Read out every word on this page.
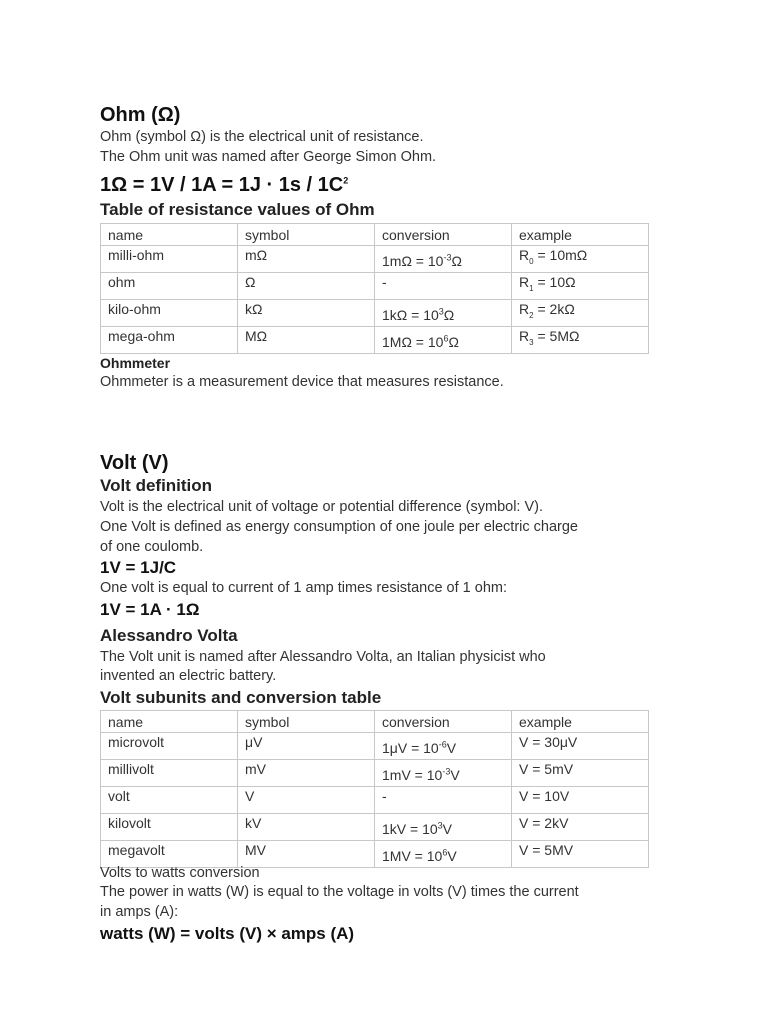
Ohm (Ω)
Ohm (symbol Ω) is the electrical unit of resistance.
The Ohm unit was named after George Simon Ohm.
$1\Omega = 1V / 1A = 1J \cdot 1s / 1C^2$
Table of resistance values of Ohm
name	symbol	conversion	example
milli-ohm	mΩ	$1m\Omega = 10^{-3}\Omega$	$R_0 = 10m\Omega$
ohm	Ω	-	$R_1 = 10\Omega$
kilo-ohm	kΩ	$1k\Omega = 10^3\Omega$	$R_2 = 2k\Omega$
mega-ohm	MΩ	$1M\Omega = 10^6\Omega$	$R_3 = 5M\Omega$
Ohmmeter
Ohmmeter is a measurement device that measures resistance.
Volt (V)
Volt definition
Volt is the electrical unit of voltage or potential difference (symbol: V).
One Volt is defined as energy consumption of one joule per electric charge
of one coulomb.
1V = 1J/C
One volt is equal to current of 1 amp times resistance of 1 ohm:
1V = 1A · 1Ω
Alessandro Volta
The Volt unit is named after Alessandro Volta, an Italian physicist who
invented an electric battery.
Volt subunits and conversion table
name	symbol	conversion	example
microvolt	μV	$1\mu V = 10^{-6}V$	V = 30μV
millivolt	mV	$1mV = 10^{-3}V$	V = 5mV
volt	V	-	V = 10V
kilovolt	kV	$1kV = 10^3V$	V = 2kV
megavolt	MV	$1MV = 10^6V$	V = 5MV
Volts to watts conversion
The power in watts (W) is equal to the voltage in volts (V) times the current
in amps (A):
watts (W) = volts (V) × amps (A)
